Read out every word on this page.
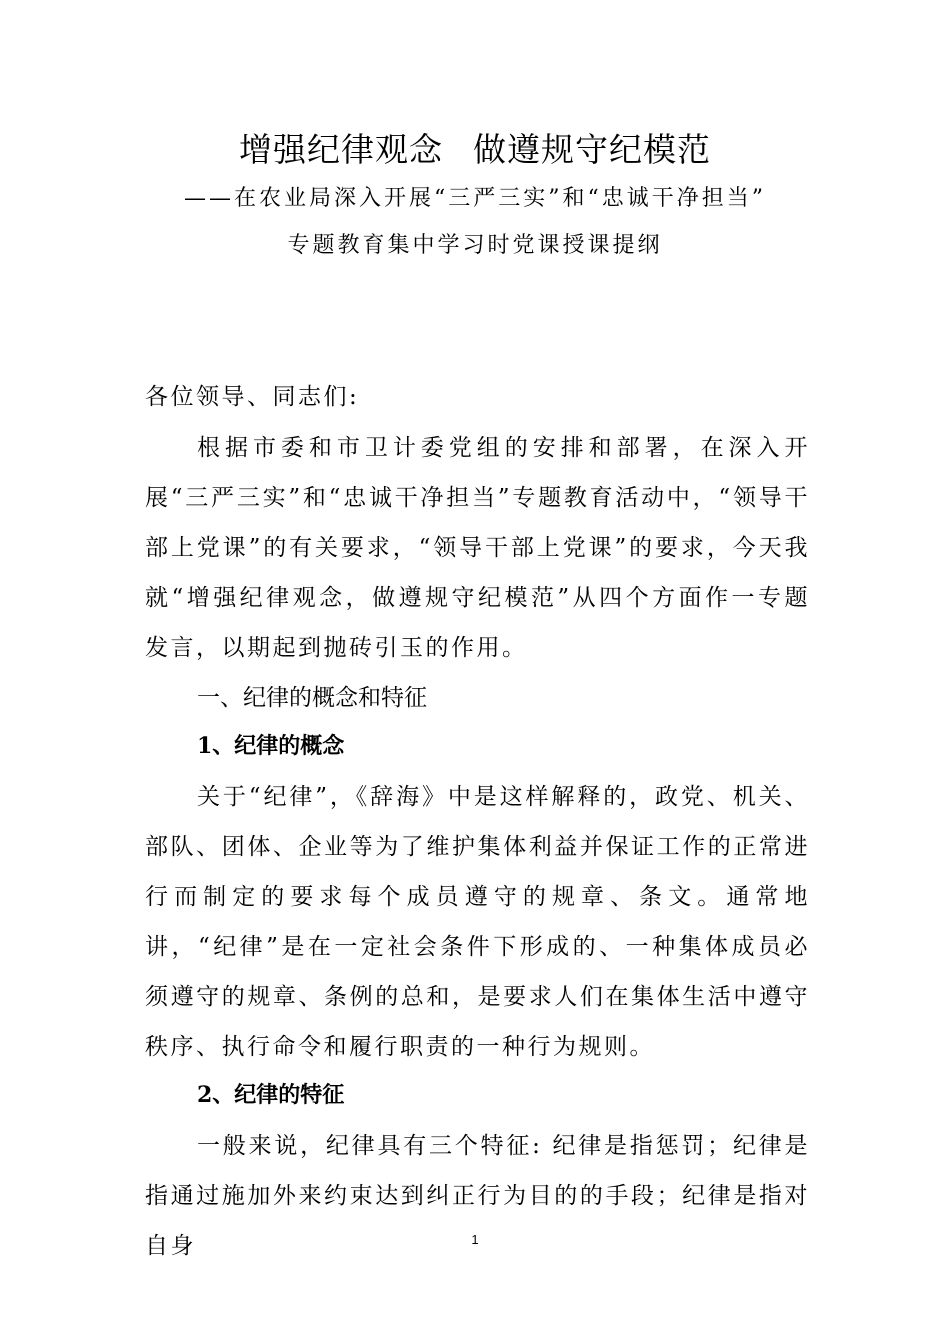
增强纪律观念 做遵规守纪模范
——在农业局深入开展“三严三实”和“忠诚干净担当”
专题教育集中学习时党课授课提纲
各位领导、同志们:
根据市委和市卫计委党组的安排和部署，在深入开展“三严三实”和“忠诚干净担当”专题教育活动中，“领导干部上党课”的有关要求，“领导干部上党课”的要求，今天我就“增强纪律观念，做遵规守纪模范”从四个方面作一专题发言，以期起到抛砖引玉的作用。
一、纪律的概念和特征
1、纪律的概念
关于“纪律”，《辞海》中是这样解释的，政党、机关、部队、团体、企业等为了维护集体利益并保证工作的正常进行而制定的要求每个成员遵守的规章、条文。通常地讲，“纪律”是在一定社会条件下形成的、一种集体成员必须遵守的规章、条例的总和，是要求人们在集体生活中遵守秩序、执行命令和履行职责的一种行为规则。
2、纪律的特征
一般来说，纪律具有三个特征: 纪律是指惩罚；纪律是指通过施加外来约束达到纠正行为目的的手段；纪律是指对自身	1
